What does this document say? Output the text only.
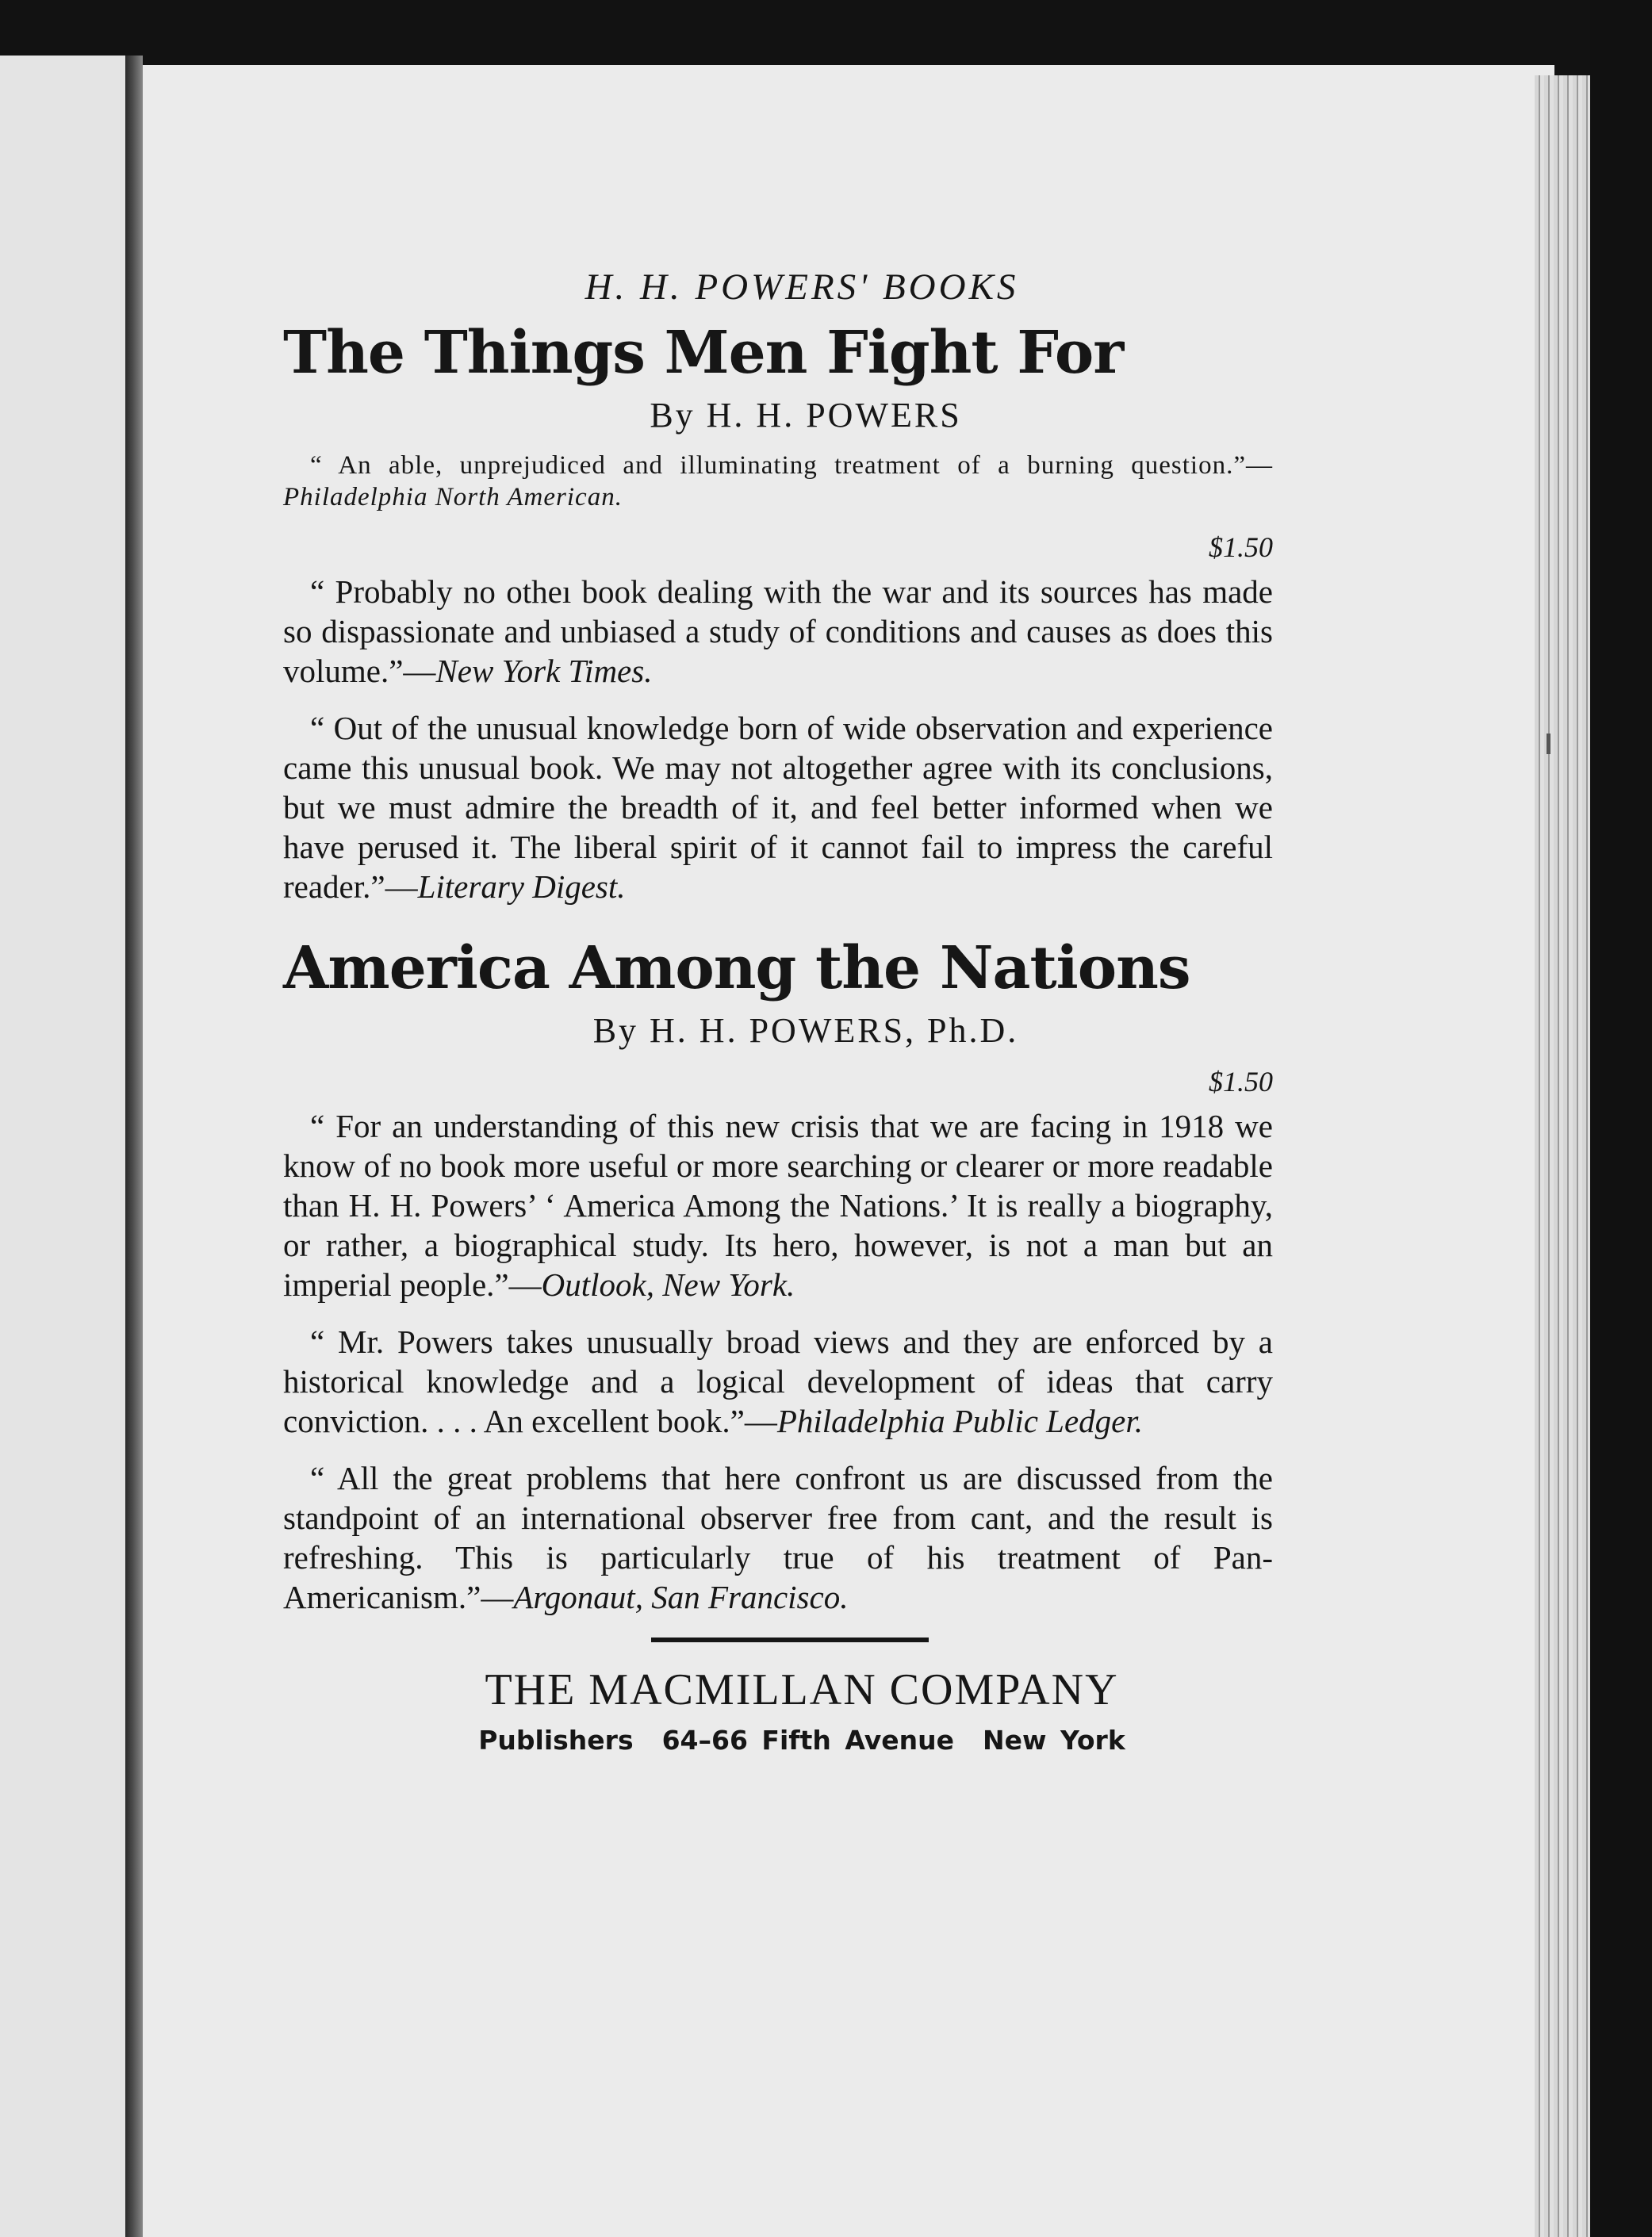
H. H. POWERS' BOOKS

The Things Men Fight For

By H. H. POWERS

“ An able, unprejudiced and illuminating treatment of a burning question.”—Philadelphia North American.

$1.50

“ Probably no otheı book dealing with the war and its sources has made so dispassionate and unbiased a study of conditions and causes as does this volume.”—New York Times.

“ Out of the unusual knowledge born of wide observation and experience came this unusual book. We may not altogether agree with its conclusions, but we must admire the breadth of it, and feel better informed when we have perused it. The liberal spirit of it cannot fail to impress the careful reader.”—Literary Digest.

America Among the Nations

By H. H. POWERS, Ph.D.

$1.50

“ For an understanding of this new crisis that we are facing in 1918 we know of no book more useful or more searching or clearer or more readable than H. H. Powers’ ‘ America Among the Nations.’ It is really a biography, or rather, a biographical study. Its hero, however, is not a man but an imperial people.”—Outlook, New York.

“ Mr. Powers takes unusually broad views and they are enforced by a historical knowledge and a logical development of ideas that carry conviction. . . . An excellent book.”—Philadelphia Public Ledger.

“ All the great problems that here confront us are discussed from the standpoint of an international observer free from cant, and the result is refreshing. This is particularly true of his treatment of Pan-Americanism.”—Argonaut, San Francisco.

THE MACMILLAN COMPANY

Publishers 64–66 Fifth Avenue New York
